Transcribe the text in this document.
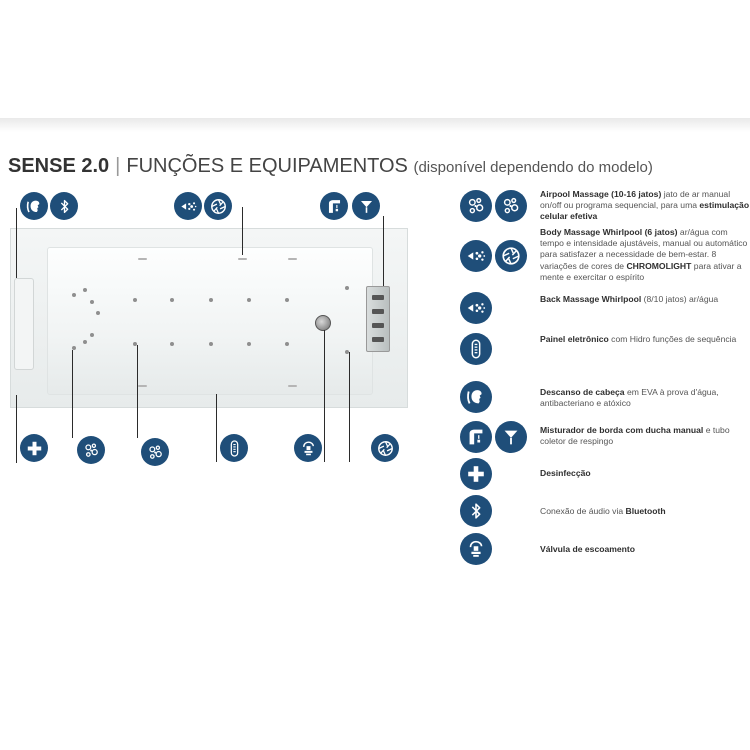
SENSE 2.0 | FUNÇÕES E EQUIPAMENTOS (disponível dependendo do modelo)
Airpool Massage (10-16 jatos) jato de ar manual on/off ou programa sequencial, para uma estimulação celular efetiva
Body Massage Whirlpool (6 jatos) ar/água com tempo e intensidade ajustáveis, manual ou automático para satisfazer a necessidade de bem-estar. 8 variações de cores de CHROMOLIGHT para ativar a mente e exercitar o espírito
Back Massage Whirlpool (8/10 jatos) ar/água
Painel eletrônico com Hidro funções de sequência
Descanso de cabeça em EVA à prova d'água, antibacteriano e atóxico
Misturador de borda com ducha manual e tubo coletor de respingo
Desinfecção
Conexão de áudio via Bluetooth
Válvula de escoamento
